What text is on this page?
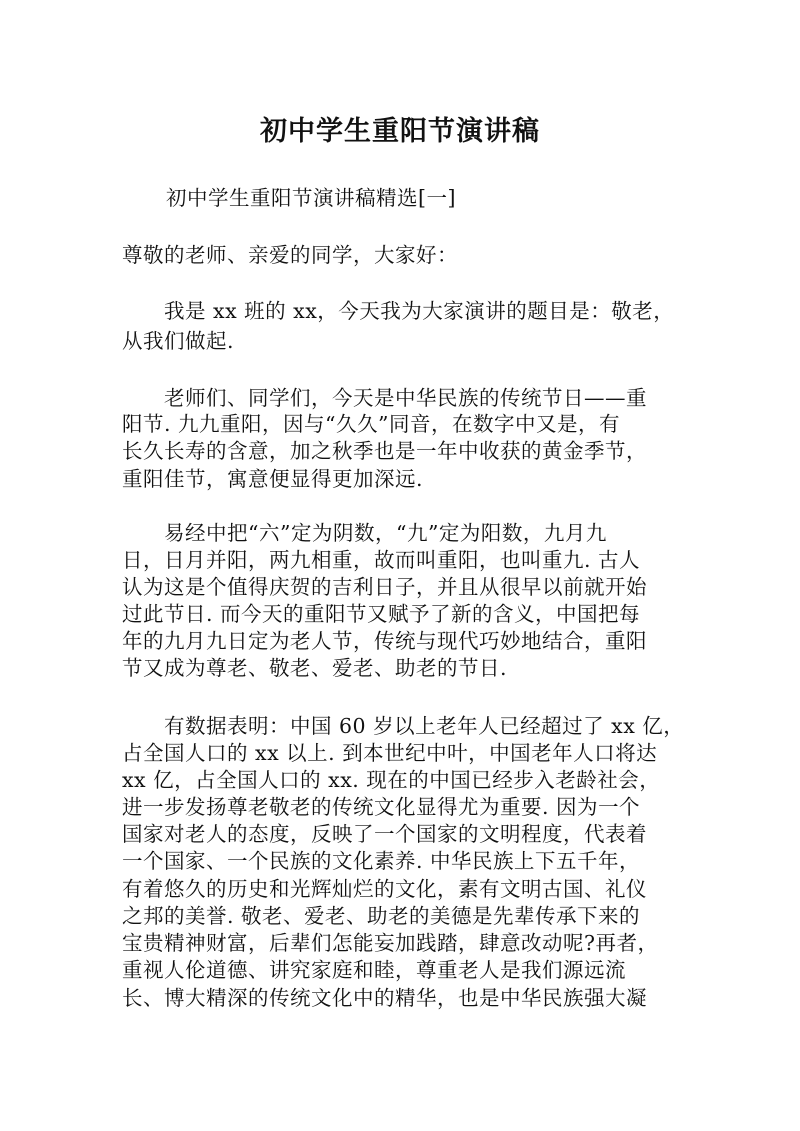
初中学生重阳节演讲稿
初中学生重阳节演讲稿精选[一]
尊敬的老师、亲爱的同学，大家好：
我是 xx 班的 xx，今天我为大家演讲的题目是：敬老，
从我们做起.
老师们、同学们，今天是中华民族的传统节日——重
阳节. 九九重阳，因与“久久”同音，在数字中又是，有
长久长寿的含意，加之秋季也是一年中收获的黄金季节，
重阳佳节，寓意便显得更加深远.
易经中把“六”定为阴数，“九”定为阳数，九月九
日，日月并阳，两九相重，故而叫重阳，也叫重九. 古人
认为这是个值得庆贺的吉利日子，并且从很早以前就开始
过此节日. 而今天的重阳节又赋予了新的含义，中国把每
年的九月九日定为老人节，传统与现代巧妙地结合，重阳
节又成为尊老、敬老、爱老、助老的节日.
有数据表明：中国 60 岁以上老年人已经超过了 xx 亿，
占全国人口的 xx 以上. 到本世纪中叶，中国老年人口将达
xx 亿，占全国人口的 xx. 现在的中国已经步入老龄社会，
进一步发扬尊老敬老的传统文化显得尤为重要. 因为一个
国家对老人的态度，反映了一个国家的文明程度，代表着
一个国家、一个民族的文化素养. 中华民族上下五千年，
有着悠久的历史和光辉灿烂的文化，素有文明古国、礼仪
之邦的美誉. 敬老、爱老、助老的美德是先辈传承下来的
宝贵精神财富，后辈们怎能妄加践踏，肆意改动呢?再者，
重视人伦道德、讲究家庭和睦，尊重老人是我们源远流
长、博大精深的传统文化中的精华，也是中华民族强大凝
